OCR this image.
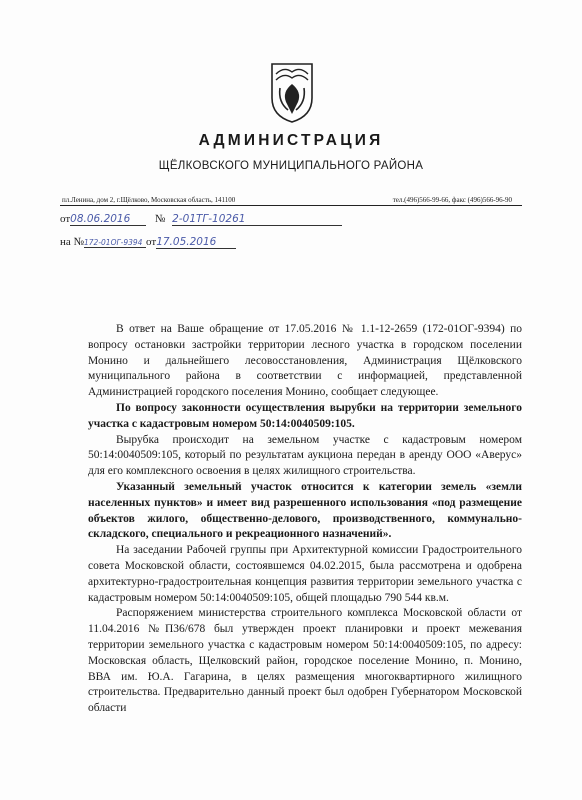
АДМИНИСТРАЦИЯ
ЩЁЛКОВСКОГО МУНИЦИПАЛЬНОГО РАЙОНА
пл.Ленина, дом 2, г.Щёлково, Московская область, 141100	тел.(496)566-99-66, факс (496)566-96-90
от08.06.2016 № 2-01ТГ-10261
на №172-01ОГ-9394 от17.05.2016

В ответ на Ваше обращение от 17.05.2016 № 1.1-12-2659 (172-01ОГ-9394) по вопросу остановки застройки территории лесного участка в городском поселении Монино и дальнейшего лесовосстановления, Администрация Щёлковского муниципального района в соответствии с информацией, представленной Администрацией городского поселения Монино, сообщает следующее.

По вопросу законности осуществления вырубки на территории земельного участка с кадастровым номером 50:14:0040509:105.

Вырубка происходит на земельном участке с кадастровым номером 50:14:0040509:105, который по результатам аукциона передан в аренду ООО «Аверус» для его комплексного освоения в целях жилищного строительства.

Указанный земельный участок относится к категории земель «земли населенных пунктов» и имеет вид разрешенного использования «под размещение объектов жилого, общественно-делового, производственного, коммунально-складского, специального и рекреационного назначений».

На заседании Рабочей группы при Архитектурной комиссии Градостроительного совета Московской области, состоявшемся 04.02.2015, была рассмотрена и одобрена архитектурно-градостроительная концепция развития территории земельного участка с кадастровым номером 50:14:0040509:105, общей площадью 790 544 кв.м.

Распоряжением министерства строительного комплекса Московской области от 11.04.2016 №П36/678 был утвержден проект планировки и проект межевания территории земельного участка с кадастровым номером 50:14:0040509:105, по адресу: Московская область, Щелковский район, городское поселение Монино, п. Монино, ВВА им. Ю.А. Гагарина, в целях размещения многоквартирного жилищного строительства. Предварительно данный проект был одобрен Губернатором Московской области
